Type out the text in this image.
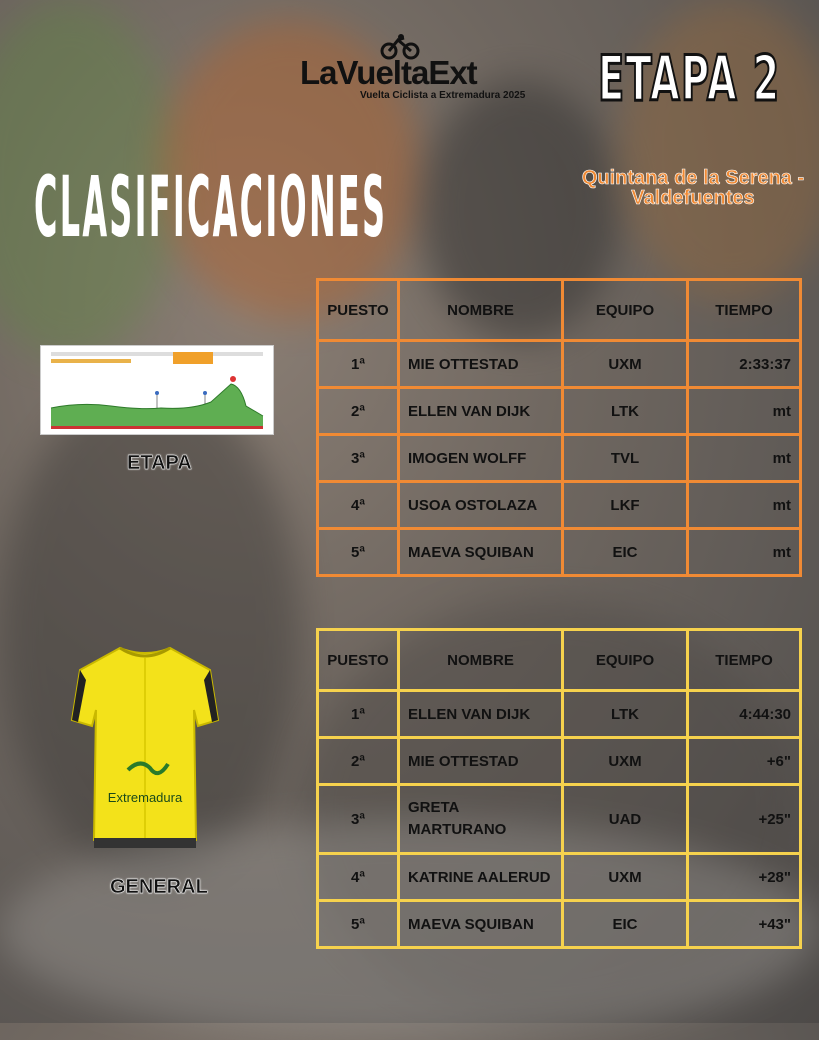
LaVueltaExt
Vuelta Ciclista a Extremadura 2025 ETAPA 2
CLASIFICACIONES	Quintana de la Serena - Valdefuentes
ETAPA
Extremadura
GENERAL
PUESTO	NOMBRE	EQUIPO	TIEMPO
1ª	MIE OTTESTAD	UXM	2:33:37
2ª	ELLEN VAN DIJK	LTK	mt
3ª	IMOGEN WOLFF	TVL	mt
4ª	USOA OSTOLAZA	LKF	mt
5ª	MAEVA SQUIBAN	EIC	mt
PUESTO	NOMBRE	EQUIPO	TIEMPO
1ª	ELLEN VAN DIJK	LTK	4:44:30
2ª	MIE OTTESTAD	UXM	+6"
3ª	GRETA MARTURANO	UAD	+25"
4ª	KATRINE AALERUD	UXM	+28"
5ª	MAEVA SQUIBAN	EIC	+43"
